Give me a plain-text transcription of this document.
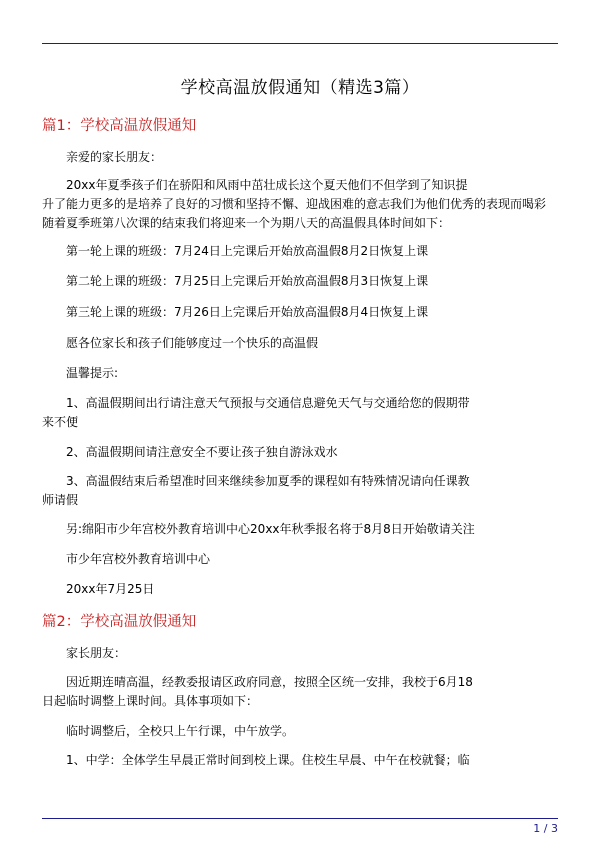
学校高温放假通知（精选3篇）
篇1：学校高温放假通知
亲爱的家长朋友：
20xx年夏季孩子们在骄阳和风雨中茁壮成长这个夏天他们不但学到了知识提
升了能力更多的是培养了良好的习惯和坚持不懈、迎战困难的意志我们为他们优秀的表现而喝彩
随着夏季班第八次课的结束我们将迎来一个为期八天的高温假具体时间如下：
第一轮上课的班级：7月24日上完课后开始放高温假8月2日恢复上课
第二轮上课的班级：7月25日上完课后开始放高温假8月3日恢复上课
第三轮上课的班级：7月26日上完课后开始放高温假8月4日恢复上课
愿各位家长和孩子们能够度过一个快乐的高温假
温馨提示:
1、高温假期间出行请注意天气预报与交通信息避免天气与交通给您的假期带
来不便
2、高温假期间请注意安全不要让孩子独自游泳戏水
3、高温假结束后希望准时回来继续参加夏季的课程如有特殊情况请向任课教
师请假
另:绵阳市少年宫校外教育培训中心20xx年秋季报名将于8月8日开始敬请关注
市少年宫校外教育培训中心
20xx年7月25日
篇2：学校高温放假通知
家长朋友：
因近期连晴高温，经教委报请区政府同意，按照全区统一安排，我校于6月18
日起临时调整上课时间。具体事项如下：
临时调整后，全校只上午行课，中午放学。
1、中学：全体学生早晨正常时间到校上课。住校生早晨、中午在校就餐；临
1 / 3
